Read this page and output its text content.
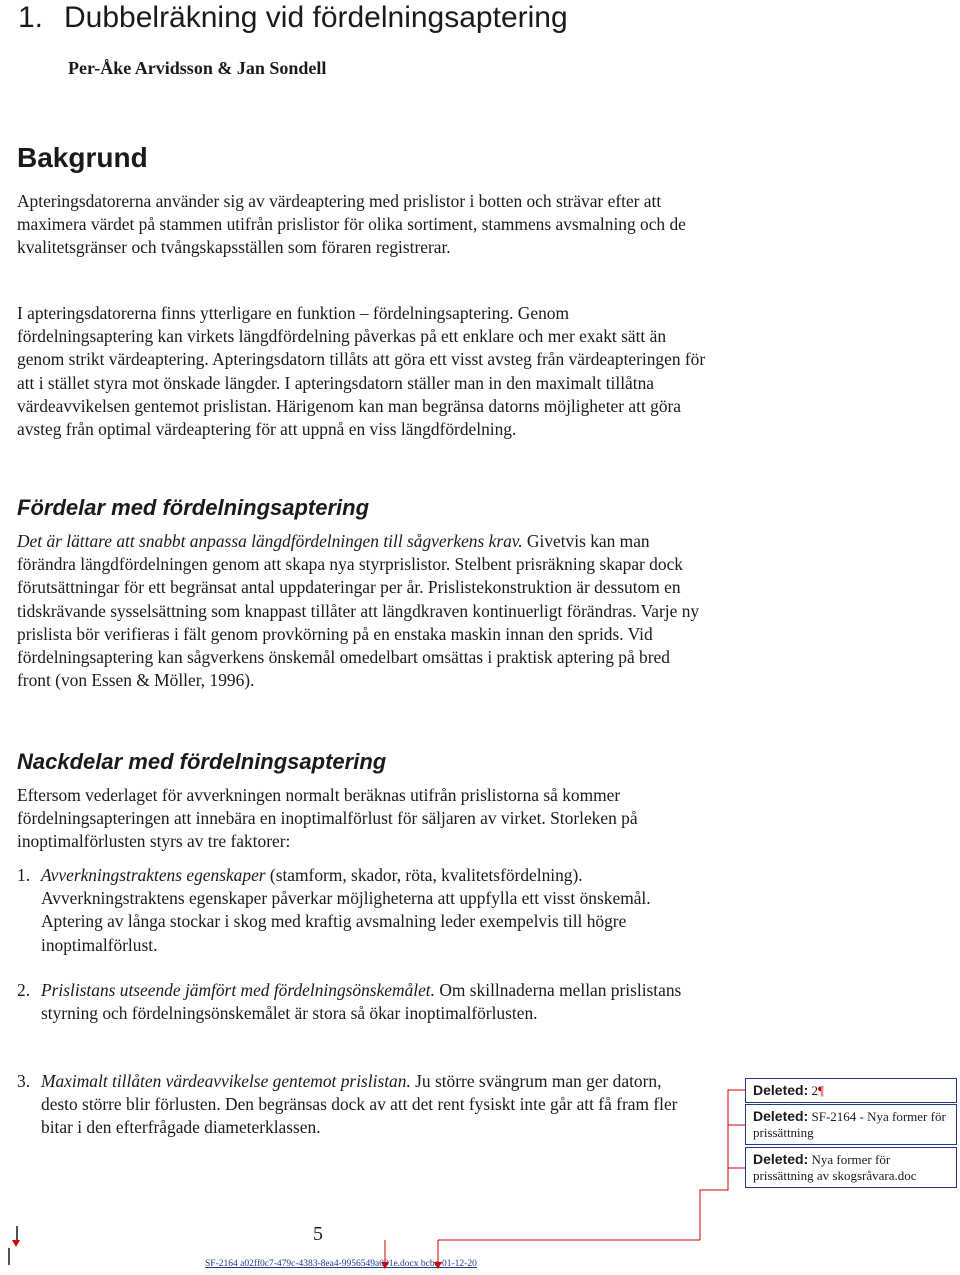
1. Dubbelräkning vid fördelningsaptering
Per-Åke Arvidsson & Jan Sondell
Bakgrund
Apteringsdatorerna använder sig av värdeaptering med prislistor i botten och strävar efter att maximera värdet på stammen utifrån prislistor för olika sortiment, stammens avsmalning och de kvalitetsgränser och tvångskapsställen som föraren registrerar.
I apteringsdatorerna finns ytterligare en funktion – fördelningsaptering. Genom fördelningsaptering kan virkets längdfördelning påverkas på ett enklare och mer exakt sätt än genom strikt värdeaptering. Apteringsdatorn tillåts att göra ett visst avsteg från värdeapteringen för att i stället styra mot önskade längder. I apteringsdatorn ställer man in den maximalt tillåtna värdeavvikelsen gentemot prislistan. Härigenom kan man begränsa datorns möjligheter att göra avsteg från optimal värdeaptering för att uppnå en viss längdfördelning.
Fördelar med fördelningsaptering
Det är lättare att snabbt anpassa längdfördelningen till sågverkens krav. Givetvis kan man förändra längdfördelningen genom att skapa nya styrprislistor. Stelbent prisräkning skapar dock förutsättningar för ett begränsat antal uppdateringar per år. Prislistekonstruktion är dessutom en tidskrävande sysselsättning som knappast tillåter att längdkraven kontinuerligt förändras. Varje ny prislista bör verifieras i fält genom provkörning på en enstaka maskin innan den sprids. Vid fördelningsaptering kan sågverkens önskemål omedelbart omsättas i praktisk aptering på bred front (von Essen & Möller, 1996).
Nackdelar med fördelningsaptering
Eftersom vederlaget för avverkningen normalt beräknas utifrån prislistorna så kommer fördelningsapteringen att innebära en inoptimalförlust för säljaren av virket. Storleken på inoptimalförlusten styrs av tre faktorer:
1. Avverkningstraktens egenskaper (stamform, skador, röta, kvalitetsfördelning). Avverkningstraktens egenskaper påverkar möjligheterna att uppfylla ett visst önskemål. Aptering av långa stockar i skog med kraftig avsmalning leder exempelvis till högre inoptimalförlust.
2. Prislistans utseende jämfört med fördelningsönskemålet. Om skillnaderna mellan prislistans styrning och fördelningsönskemålet är stora så ökar inoptimalförlusten.
3. Maximalt tillåten värdeavvikelse gentemot prislistan. Ju större svängrum man ger datorn, desto större blir förlusten. Den begränsas dock av att det rent fysiskt inte går att få fram fler bitar i den efterfrågade diameterklassen.
Deleted: 2¶
Deleted: SF-2164 - Nya former för prissättning
Deleted: Nya former för prissättning av skogsråvara.doc
5
SF-2164 a02ff0c7-479c-4383-8ea4-9956549a091e.docx bcba-01-12-20
